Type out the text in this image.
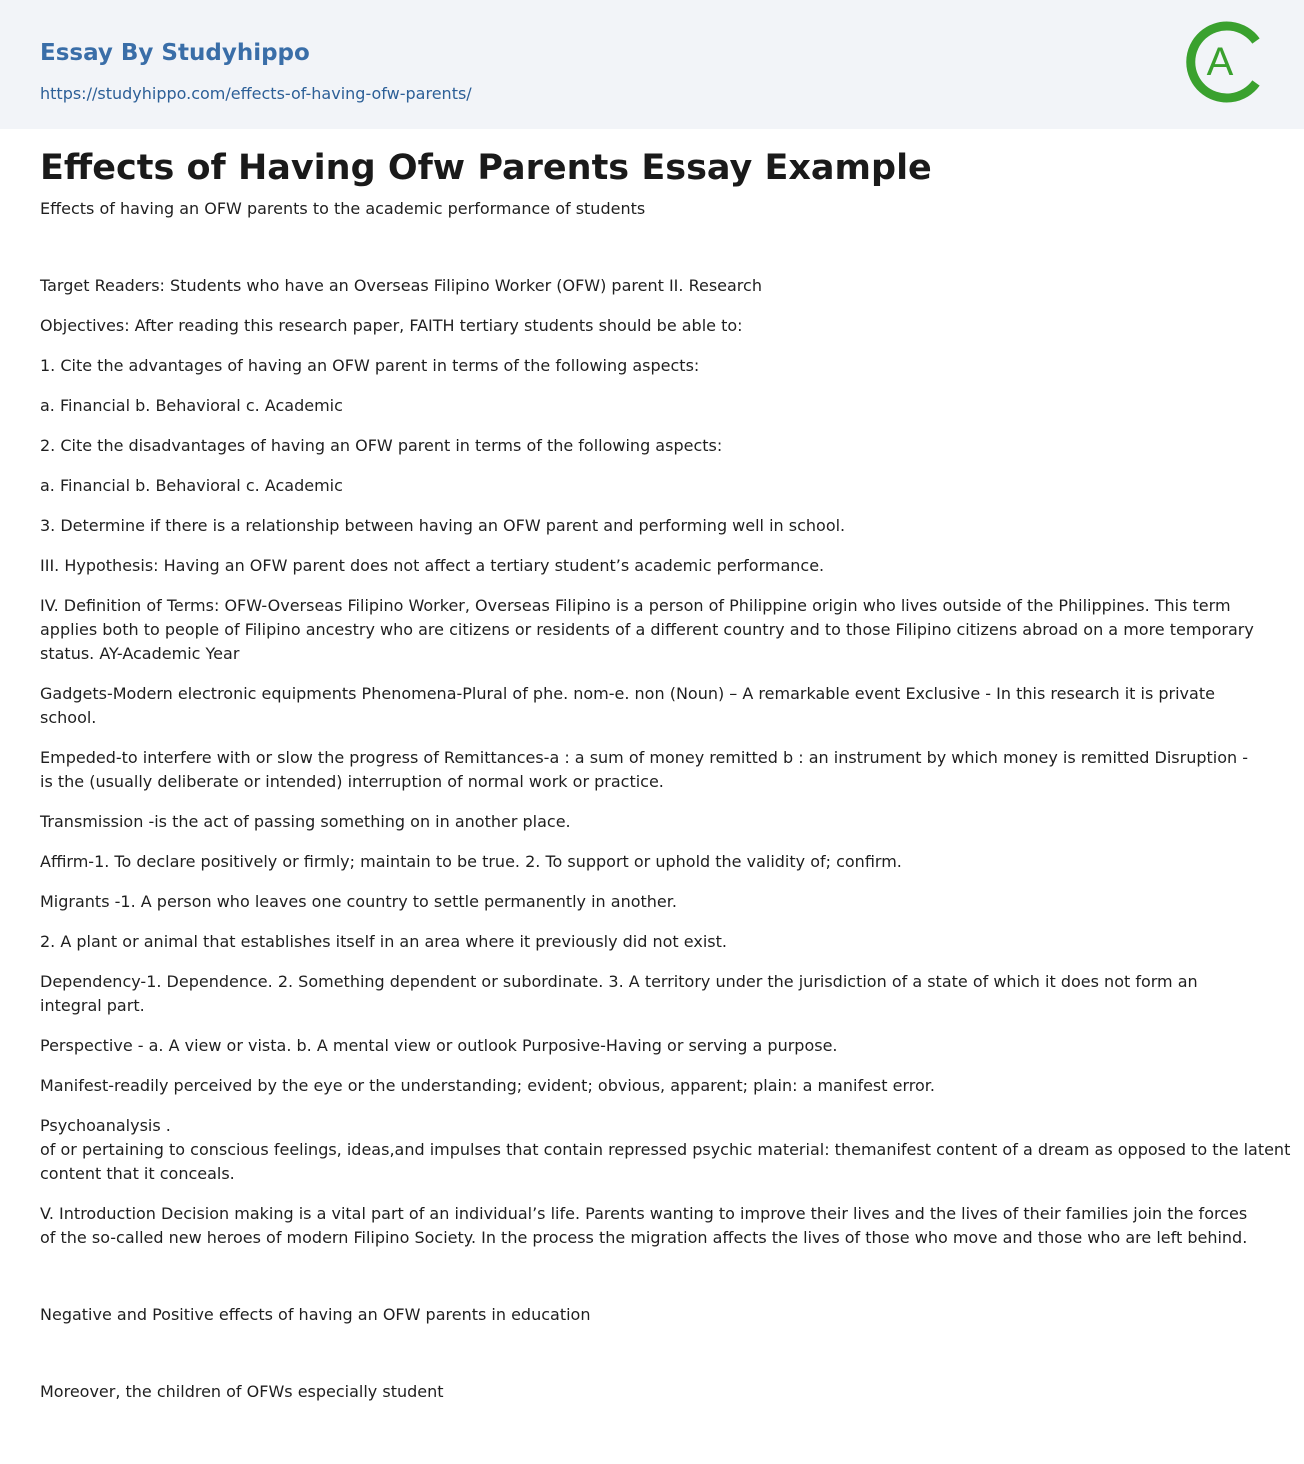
Essay By Studyhippo
https://studyhippo.com/effects-of-having-ofw-parents/
A
Effects of Having Ofw Parents Essay Example
Effects of having an OFW parents to the academic performance of students

Target Readers: Students who have an Overseas Filipino Worker (OFW) parent II. Research

Objectives: After reading this research paper, FAITH tertiary students should be able to:

1. Cite the advantages of having an OFW parent in terms of the following aspects:

a. Financial b. Behavioral c. Academic

2. Cite the disadvantages of having an OFW parent in terms of the following aspects:

a. Financial b. Behavioral c. Academic

3. Determine if there is a relationship between having an OFW parent and performing well in school.

III. Hypothesis: Having an OFW parent does not affect a tertiary student’s academic performance.

IV. Definition of Terms: OFW-Overseas Filipino Worker, Overseas Filipino is a person of Philippine origin who lives outside of the Philippines. This term applies both to people of Filipino ancestry who are citizens or residents of a different country and to those Filipino citizens abroad on a more temporary status. AY-Academic Year

Gadgets-Modern electronic equipments Phenomena-Plural of phe. nom-e. non (Noun) – A remarkable event Exclusive - In this research it is private school.

Empeded-to interfere with or slow the progress of Remittances-a : a sum of money remitted b : an instrument by which money is remitted Disruption -is the (usually deliberate or intended) interruption of normal work or practice.

Transmission -is the act of passing something on in another place.

Affirm-1. To declare positively or firmly; maintain to be true. 2. To support or uphold the validity of; confirm.

Migrants -1. A person who leaves one country to settle permanently in another.

2. A plant or animal that establishes itself in an area where it previously did not exist.

Dependency-1. Dependence. 2. Something dependent or subordinate. 3. A territory under the jurisdiction of a state of which it does not form an integral part.

Perspective - a. A view or vista. b. A mental view or outlook Purposive-Having or serving a purpose.

Manifest-readily perceived by the eye or the understanding; evident; obvious, apparent; plain: a manifest error.

Psychoanalysis .
of or pertaining to conscious feelings, ideas,and impulses that contain repressed psychic material: themanifest content of a dream as opposed to the latent content that it conceals.

V. Introduction Decision making is a vital part of an individual’s life. Parents wanting to improve their lives and the lives of their families join the forces of the so-called new heroes of modern Filipino Society. In the process the migration affects the lives of those who move and those who are left behind.

Negative and Positive effects of having an OFW parents in education
Moreover, the children of OFWs especially student
